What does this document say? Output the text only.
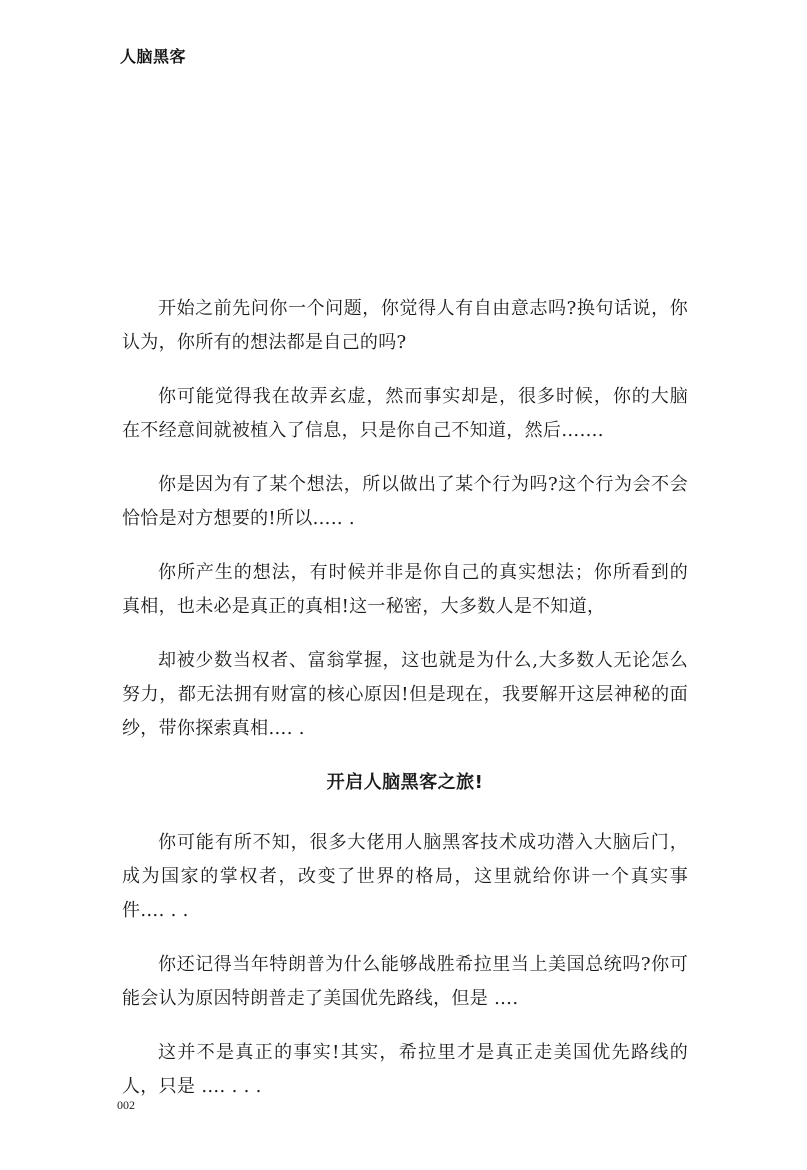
人脑黑客

开始之前先问你一个问题，你觉得人有自由意志吗?换句话说，你认为，你所有的想法都是自己的吗?

你可能觉得我在故弄玄虚，然而事实却是，很多时候，你的大脑在不经意间就被植入了信息，只是你自己不知道，然后…….

你是因为有了某个想法，所以做出了某个行为吗?这个行为会不会恰恰是对方想要的!所以….. .

你所产生的想法，有时候并非是你自己的真实想法；你所看到的真相，也未必是真正的真相!这一秘密，大多数人是不知道，

却被少数当权者、富翁掌握，这也就是为什么,大多数人无论怎么努力，都无法拥有财富的核心原因!但是现在，我要解开这层神秘的面纱，带你探索真相…. .

开启人脑黑客之旅!

你可能有所不知，很多大佬用人脑黑客技术成功潜入大脑后门，成为国家的掌权者，改变了世界的格局，这里就给你讲一个真实事件…. . .

你还记得当年特朗普为什么能够战胜希拉里当上美国总统吗?你可能会认为原因特朗普走了美国优先路线，但是 ….

这并不是真正的事实!其实，希拉里才是真正走美国优先路线的人，只是 …. . . .

002
